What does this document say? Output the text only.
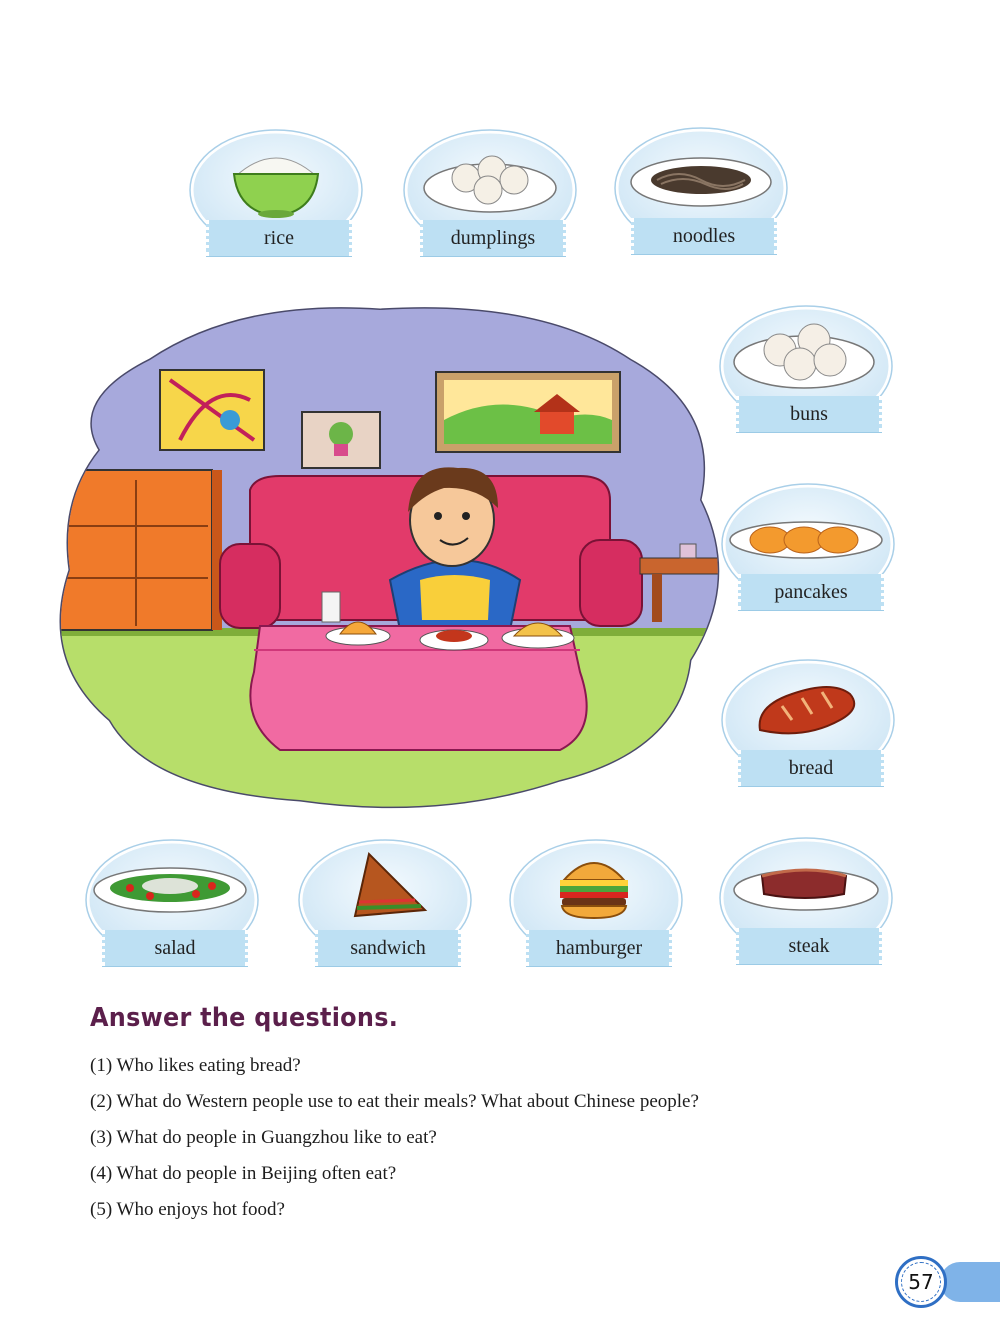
rice	dumplings	noodles
buns
pancakes
bread
salad	sandwich	hamburger	steak
Answer the questions.
(1) Who likes eating bread?
(2) What do Western people use to eat their meals? What about Chinese people?
(3) What do people in Guangzhou like to eat?
(4) What do people in Beijing often eat?
(5) Who enjoys hot food?
57
